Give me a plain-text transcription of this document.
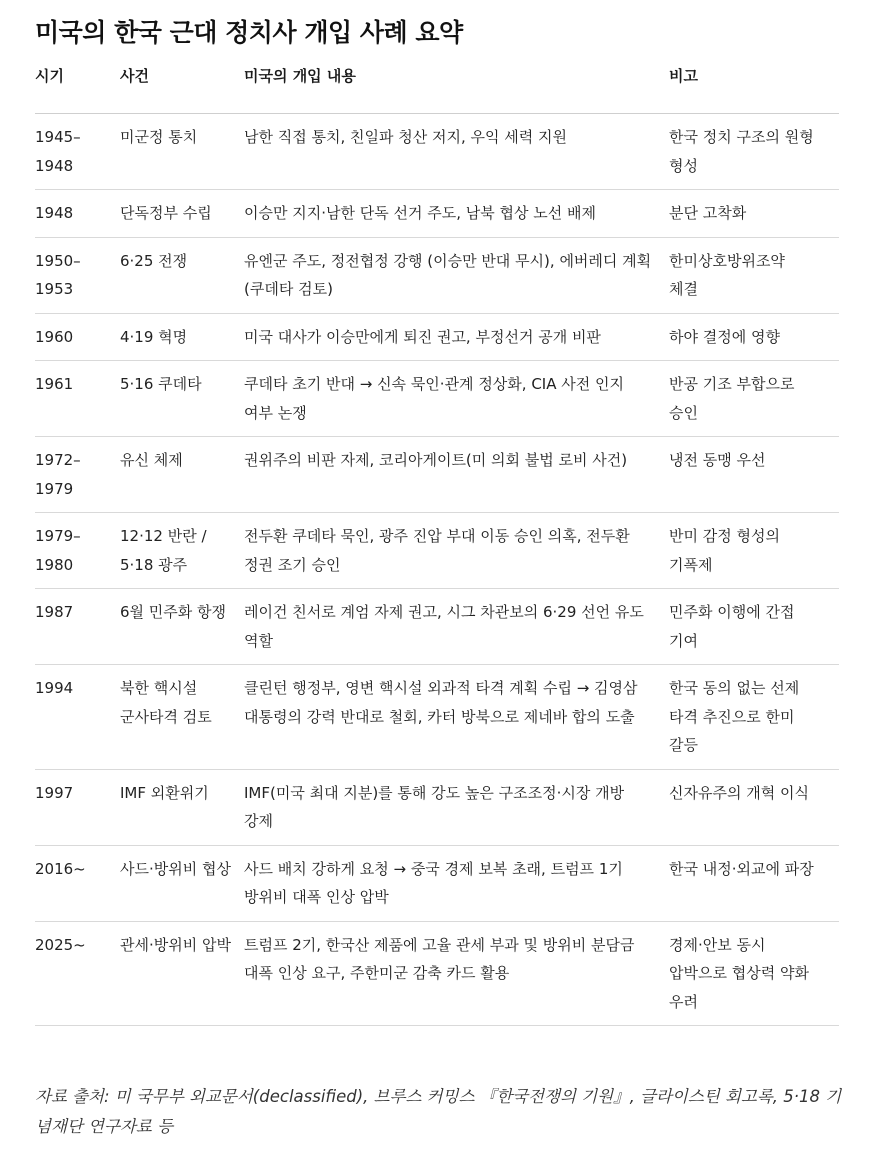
미국의 한국 근대 정치사 개입 사례 요약
시기	사건	미국의 개입 내용	비고
1945–1948	미군정 통치	남한 직접 통치, 친일파 청산 저지, 우익 세력 지원	한국 정치 구조의 원형 형성
1948	단독정부 수립	이승만 지지·남한 단독 선거 주도, 남북 협상 노선 배제	분단 고착화
1950–1953	6·25 전쟁	유엔군 주도, 정전협정 강행 (이승만 반대 무시), 에버레디 계획(쿠데타 검토)	한미상호방위조약 체결
1960	4·19 혁명	미국 대사가 이승만에게 퇴진 권고, 부정선거 공개 비판	하야 결정에 영향
1961	5·16 쿠데타	쿠데타 초기 반대 → 신속 묵인·관계 정상화, CIA 사전 인지 여부 논쟁	반공 기조 부합으로 승인
1972–1979	유신 체제	권위주의 비판 자제, 코리아게이트(미 의회 불법 로비 사건)	냉전 동맹 우선
1979–1980	12·12 반란 / 5·18 광주	전두환 쿠데타 묵인, 광주 진압 부대 이동 승인 의혹, 전두환 정권 조기 승인	반미 감정 형성의 기폭제
1987	6월 민주화 항쟁	레이건 친서로 계엄 자제 권고, 시그 차관보의 6·29 선언 유도 역할	민주화 이행에 간접 기여
1994	북한 핵시설 군사타격 검토	클린턴 행정부, 영변 핵시설 외과적 타격 계획 수립 → 김영삼 대통령의 강력 반대로 철회, 카터 방북으로 제네바 합의 도출	한국 동의 없는 선제 타격 추진으로 한미 갈등
1997	IMF 외환위기	IMF(미국 최대 지분)를 통해 강도 높은 구조조정·시장 개방 강제	신자유주의 개혁 이식
2016~	사드·방위비 협상	사드 배치 강하게 요청 → 중국 경제 보복 초래, 트럼프 1기 방위비 대폭 인상 압박	한국 내정·외교에 파장
2025~	관세·방위비 압박	트럼프 2기, 한국산 제품에 고율 관세 부과 및 방위비 분담금 대폭 인상 요구, 주한미군 감축 카드 활용	경제·안보 동시 압박으로 협상력 약화 우려
자료 출처: 미 국무부 외교문서(declassified), 브루스 커밍스 『한국전쟁의 기원』, 글라이스틴 회고록, 5·18 기념재단 연구자료 등
